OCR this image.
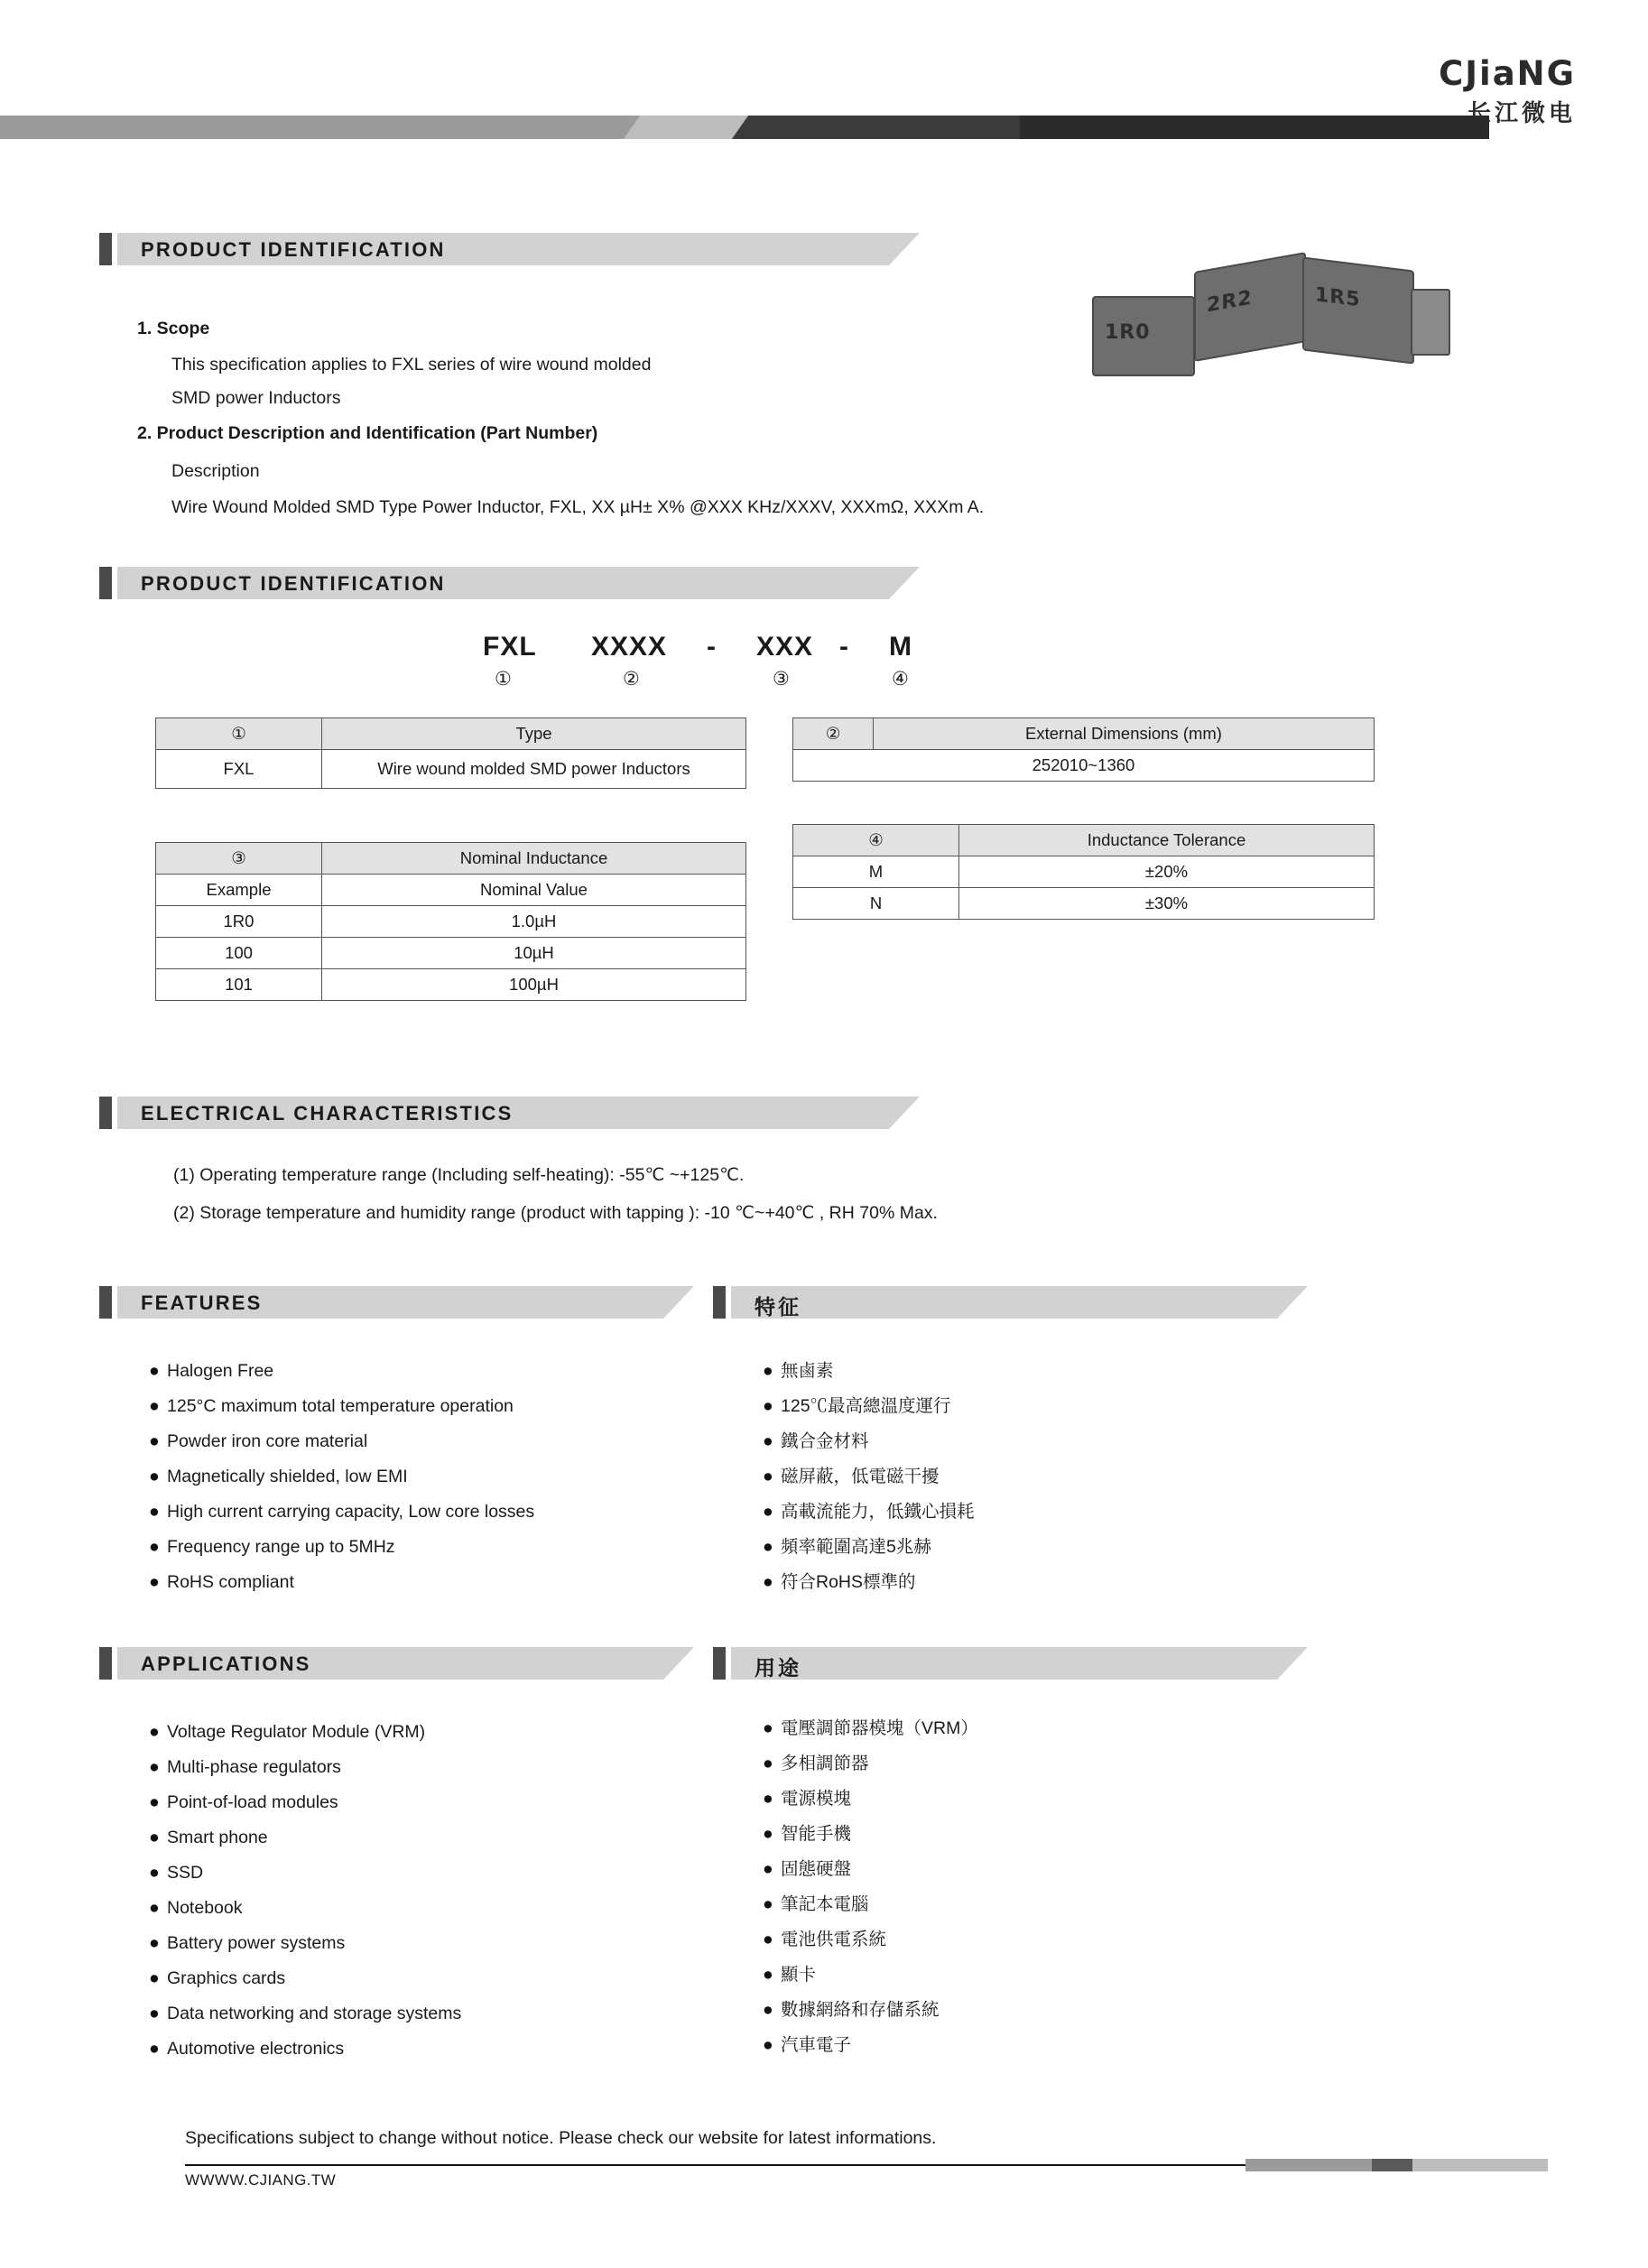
CJiaNG
长江微电
PRODUCT IDENTIFICATION
1. Scope
This specification applies to FXL series of wire wound molded
SMD power Inductors
2. Product Description and Identification (Part Number)
Description
Wire Wound Molded SMD Type Power Inductor, FXL, XX µH± X% @XXX KHz/XXXV, XXXmΩ, XXXm A.
1R0
2R2	1R5
PRODUCT IDENTIFICATION
FXL XXXX - XXX - M
①	②	③	④
①	Type
FXL	Wire wound molded SMD power Inductors
②	External Dimensions (mm)
252010~1360
③	Nominal Inductance
Example	Nominal Value
1R0	1.0µH
100	10µH
101	100µH
④	Inductance Tolerance
M	±20%
N	±30%
ELECTRICAL CHARACTERISTICS
(1) Operating temperature range (Including self-heating): -55℃ ~+125℃.
(2) Storage temperature and humidity range (product with tapping ): -10 ℃~+40℃ , RH 70% Max.
FEATURES	特征
● Halogen Free
● 125°C maximum total temperature operation
● Powder iron core material
● Magnetically shielded, low EMI
● High current carrying capacity, Low core losses
● Frequency range up to 5MHz
● RoHS compliant
● 無鹵素
● 125℃最高總溫度運行
● 鐵合金材料
● 磁屏蔽，低電磁干擾
● 高載流能力，低鐵心損耗
● 頻率範圍高達5兆赫
● 符合RoHS標準的
APPLICATIONS	用途
● Voltage Regulator Module (VRM)
● Multi-phase regulators
● Point-of-load modules
● Smart phone
● SSD
● Notebook
● Battery power systems
● Graphics cards
● Data networking and storage systems
● Automotive electronics
● 電壓調節器模塊（VRM）
● 多相調節器
● 電源模塊
● 智能手機
● 固態硬盤
● 筆記本電腦
● 電池供電系統
● 顯卡
● 數據網絡和存儲系統
● 汽車電子
Specifications subject to change without notice. Please check our website for latest informations.
WWWW.CJIANG.TW
